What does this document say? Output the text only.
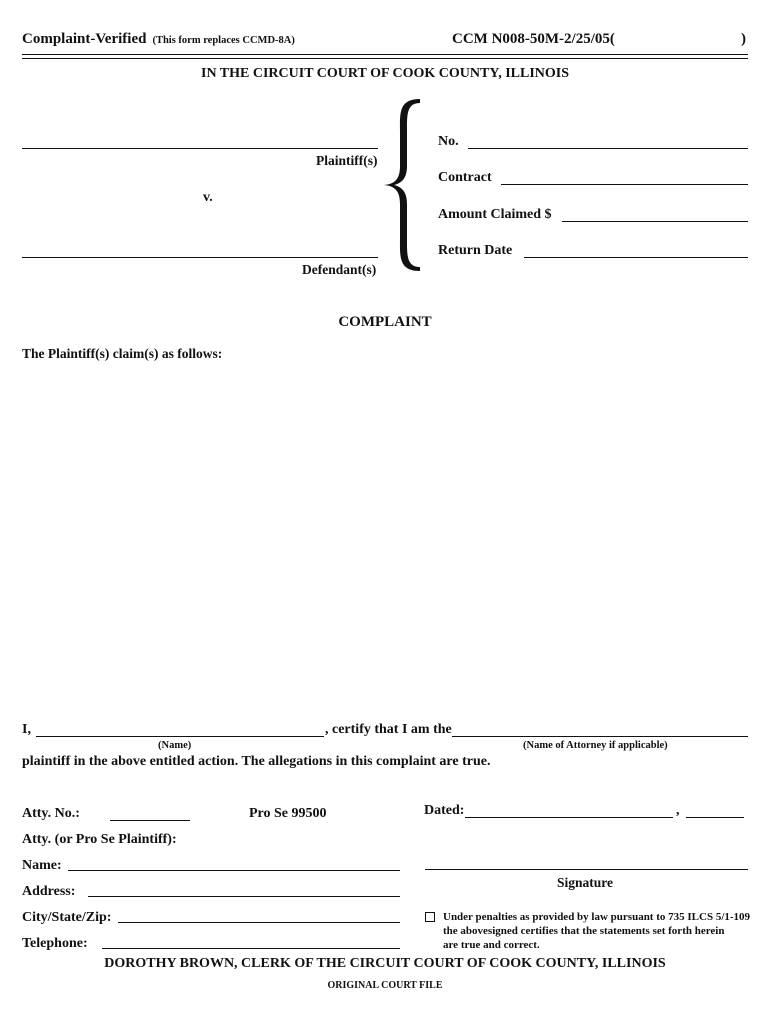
Complaint-Verified (This form replaces CCMD-8A)	CCM N008-50M-2/25/05(	)
IN THE CIRCUIT COURT OF COOK COUNTY, ILLINOIS
Plaintiff(s)
v.
Defendant(s)
No.
Contract
Amount Claimed $
Return Date
COMPLAINT
The Plaintiff(s) claim(s) as follows:
I,	, certify that I am the
(Name)	(Name of Attorney if applicable)
plaintiff in the above entitled action. The allegations in this complaint are true.
Atty. No.:	Pro Se 99500
Atty. (or Pro Se Plaintiff):
Name:
Address:
City/State/Zip:
Telephone:
Dated:	,
Signature
Under penalties as provided by law pursuant to 735 ILCS 5/1-109
the abovesigned certifies that the statements set forth herein
are true and correct.
DOROTHY BROWN, CLERK OF THE CIRCUIT COURT OF COOK COUNTY, ILLINOIS
ORIGINAL COURT FILE
